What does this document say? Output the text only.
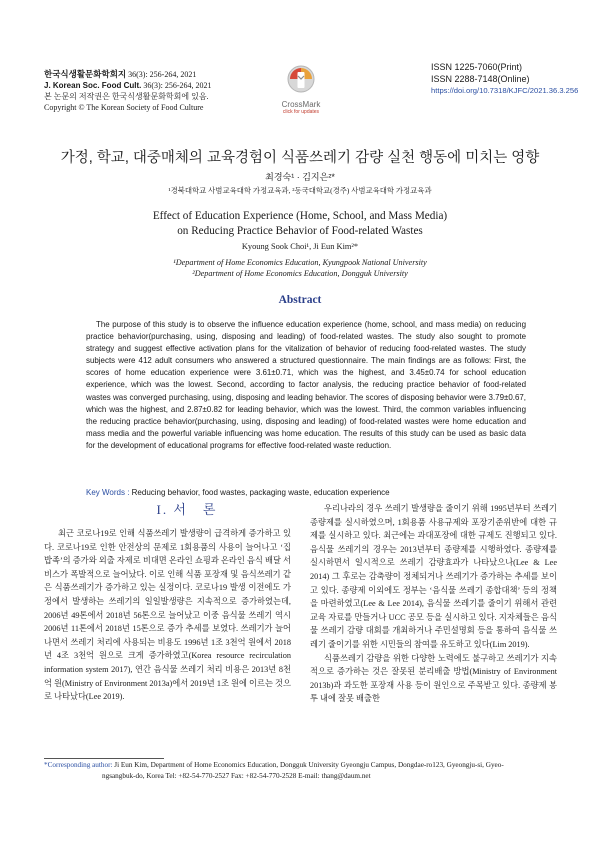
한국식생활문화학회지 36(3): 256-264, 2021
J. Korean Soc. Food Cult. 36(3): 256-264, 2021
본 논문의 저작권은 한국식생활문화학회에 있음.
Copyright © The Korean Society of Food Culture	CrossMark
click for updates
ISSN 1225-7060(Print)
ISSN 2288-7148(Online)
https://doi.org/10.7318/KJFC/2021.36.3.256
가정, 학교, 대중매체의 교육경험이 식품쓰레기 감량 실천 행동에 미치는 영향
최경숙¹ · 김지은²*
¹경북대학교 사범교육대학 가정교육과, ²동국대학교(경주) 사범교육대학 가정교육과
Effect of Education Experience (Home, School, and Mass Media)
on Reducing Practice Behavior of Food-related Wastes
Kyoung Sook Choi¹, Ji Eun Kim²*
¹Department of Home Economics Education, Kyungpook National University
²Department of Home Economics Education, Dongguk University
Abstract
The purpose of this study is to observe the influence education experience (home, school, and mass media) on reducing practice behavior(purchasing, using, disposing and leading) of food-related wastes. The study also sought to promote strategy and suggest effective activation plans for the vitalization of behavior of reducing food-related wastes. The study subjects were 412 adult consumers who answered a structured questionnaire. The main findings are as follows: First, the scores of home education experience were 3.61±0.71, which was the highest, and 3.45±0.74 for school education experience, which was the lowest. Second, according to factor analysis, the reducing practice behavior of food-related wastes was converged purchasing, using, disposing and leading behavior. The scores of disposing behavior were 3.79±0.67, which was the highest, and 2.87±0.82 for leading behavior, which was the lowest. Third, the common variables influencing the reducing practice behavior(purchasing, using, disposing and leading) of food-related wastes were home education and mass media and the powerful variable influencing was home education. The results of this study can be used as basic data for the development of educational programs for effective food-related waste reduction.
Key Words : Reducing behavior, food wastes, packaging waste, education experience
I. 서　론
최근 코로나19로 인해 식품쓰레기 발생량이 급격하게 증가하고 있다. 코로나19로 인한 안전상의 문제로 1회용품의 사용이 늘어나고 ‘집밥족’의 증가와 외출 자제로 비대면 온라인 쇼핑과 온라인 음식 배달 서비스가 폭발적으로 늘어났다. 이로 인해 식품 포장재 및 음식쓰레기 같은 식품쓰레기가 증가하고 있는 실정이다. 코로나19 발생 이전에도 가정에서 발생하는 쓰레기의 일일발생량은 지속적으로 증가하였는데, 2006년 49톤에서 2018년 56톤으로 늘어났고 이중 음식물 쓰레기 역시 2006년 11톤에서 2018년 15톤으로 증가 추세를 보였다. 쓰레기가 늘어나면서 쓰레기 처리에 사용되는 비용도 1996년 1조 3천억 원에서 2018년 4조 3천억 원으로 크게 증가하였고(Korea resource recirculation information system 2017), 연간 음식물 쓰레기 처리 비용은 2013년 8천억 원(Ministry of Environment 2013a)에서 2019년 1조 원에 이르는 것으로 나타났다(Lee 2019).

우리나라의 경우 쓰레기 발생량을 줄이기 위해 1995년부터 쓰레기 종량제를 실시하였으며, 1회용품 사용규제와 포장기준위반에 대한 규제를 실시하고 있다. 최근에는 과대포장에 대한 규제도 진행되고 있다. 음식물 쓰레기의 경우는 2013년부터 종량제를 시행하였다. 종량제를 실시하면서 일시적으로 쓰레기 감량효과가 나타났으나(Lee & Lee 2014) 그 후로는 감축량이 정체되거나 쓰레기가 증가하는 추세를 보이고 있다. 종량제 이외에도 정부는 ‘음식물 쓰레기 종합대책’ 등의 정책을 마련하였고(Lee & Lee 2014), 음식물 쓰레기를 줄이기 위해서 관련 교육 자료를 만들거나 UCC 공모 등을 실시하고 있다. 지자체들은 음식물 쓰레기 감량 대회를 개최하거나 주민설명회 등을 통하여 음식물 쓰레기 줄이기를 위한 시민들의 참여를 유도하고 있다(Lim 2019).

식품쓰레기 감량을 위한 다양한 노력에도 불구하고 쓰레기가 지속적으로 증가하는 것은 잘못된 분리배출 방법(Ministry of Environment 2013b)과 과도한 포장재 사용 등이 원인으로 주목받고 있다. 종량제 봉투 내에 잘못 배출한

*Corresponding author: Ji Eun Kim, Department of Home Economics Education, Dongguk University Gyeongju Campus, Dongdae-ro123, Gyeongju-si, Gyeo-
ngsangbuk-do, Korea Tel: +82-54-770-2527 Fax: +82-54-770-2528 E-mail: thang@daum.net
